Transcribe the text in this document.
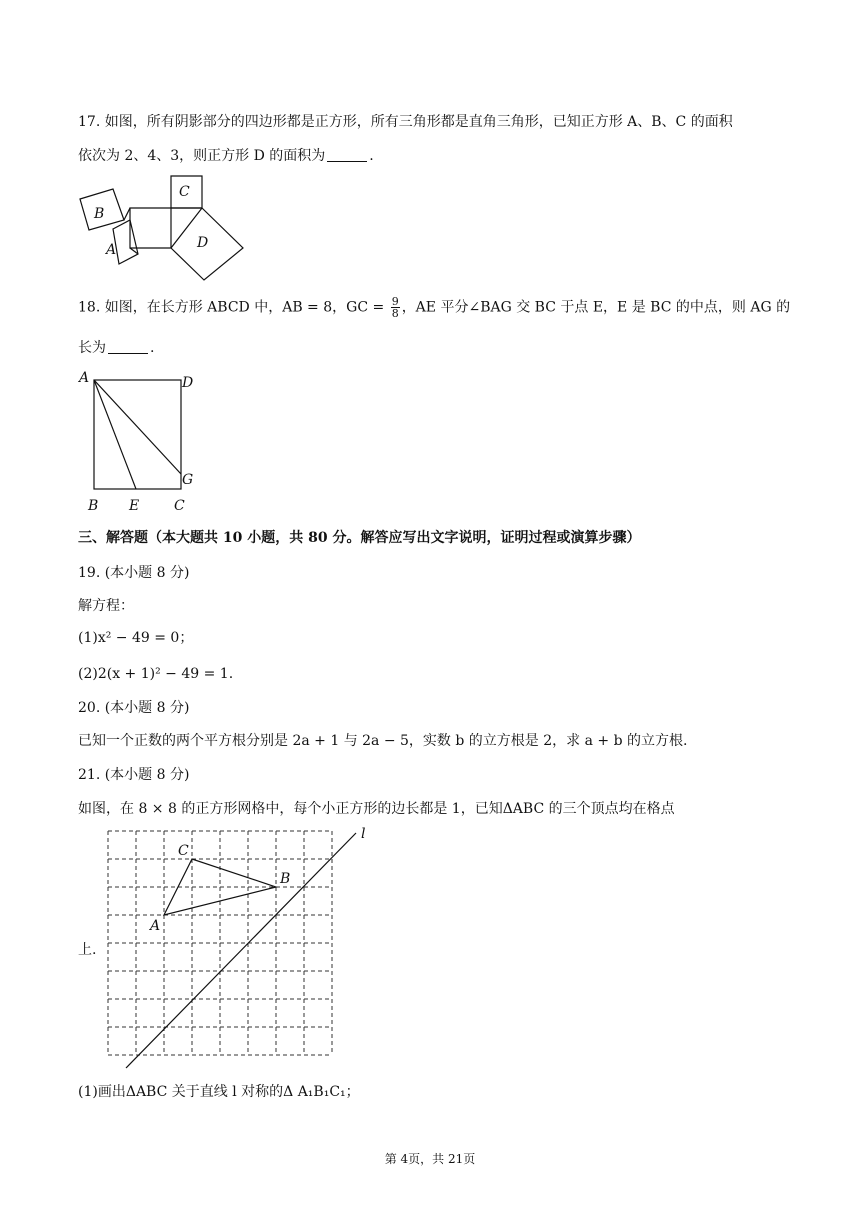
17. 如图，所有阴影部分的四边形都是正方形，所有三角形都是直角三角形，已知正方形 A、B、C 的面积
依次为 2、4、3，则正方形 D 的面积为	.
B
A
C
D
18. 如图，在长方形 ABCD 中，AB = 8，GC = $\frac{9}{8}$ ，AE 平分∠BAG 交 BC 于点 E，E 是 BC 的中点，则 AG 的
长为	.
A	D
G
B E C
三、解答题（本大题共 10 小题，共 80 分。解答应写出文字说明，证明过程或演算步骤）
19. (本小题 8 分)
解方程：
(1)x² − 49 = 0；
(2)2(x + 1)² − 49 = 1.
20. (本小题 8 分)
已知一个正数的两个平方根分别是 2a + 1 与 2a − 5，实数 b 的立方根是 2，求 a + b 的立方根.
21. (本小题 8 分)
如图，在 8 × 8 的正方形网格中，每个小正方形的边长都是 1，已知ΔABC 的三个顶点均在格点
上.
C
B
A
l
(1)画出ΔABC 关于直线 l 对称的Δ A₁B₁C₁；
第 4页，共 21页
